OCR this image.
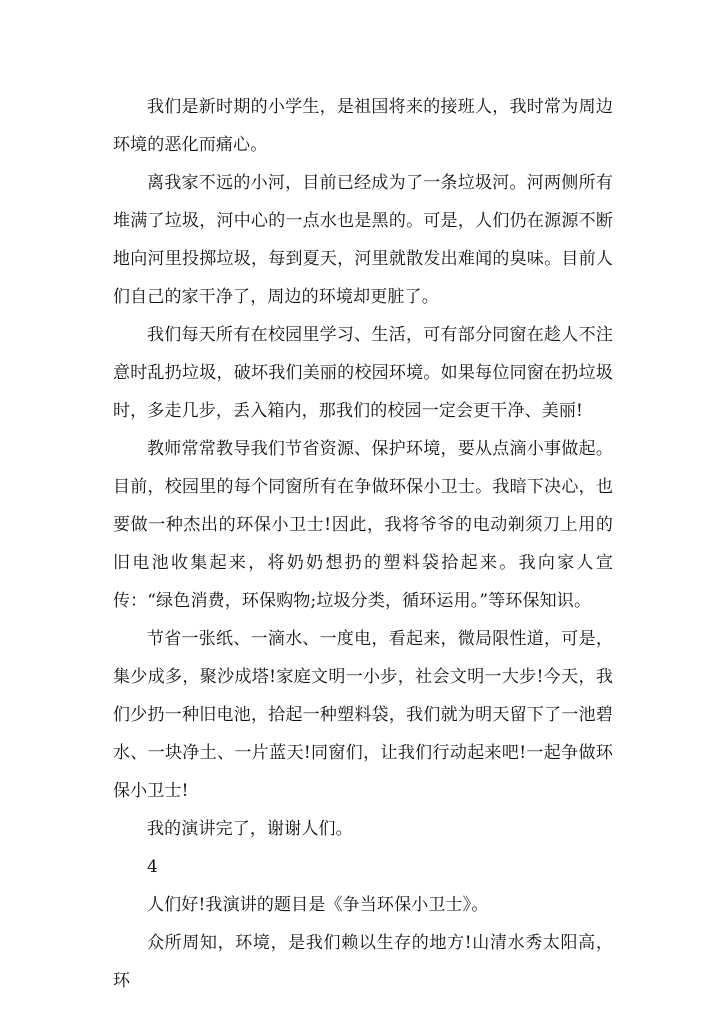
我们是新时期的小学生，是祖国将来的接班人，我时常为周边环境的恶化而痛心。

离我家不远的小河，目前已经成为了一条垃圾河。河两侧所有堆满了垃圾，河中心的一点水也是黑的。可是，人们仍在源源不断地向河里投掷垃圾，每到夏天，河里就散发出难闻的臭味。目前人们自己的家干净了，周边的环境却更脏了。

我们每天所有在校园里学习、生活，可有部分同窗在趁人不注意时乱扔垃圾，破坏我们美丽的校园环境。如果每位同窗在扔垃圾时，多走几步，丢入箱内，那我们的校园一定会更干净、美丽!

教师常常教导我们节省资源、保护环境，要从点滴小事做起。目前，校园里的每个同窗所有在争做环保小卫士。我暗下决心，也要做一种杰出的环保小卫士!因此，我将爷爷的电动剃须刀上用的旧电池收集起来，将奶奶想扔的塑料袋拾起来。我向家人宣传：“绿色消费，环保购物;垃圾分类，循环运用。”等环保知识。

节省一张纸、一滴水、一度电，看起来，微局限性道，可是，集少成多，聚沙成塔!家庭文明一小步，社会文明一大步!今天，我们少扔一种旧电池，拾起一种塑料袋，我们就为明天留下了一池碧水、一块净土、一片蓝天!同窗们，让我们行动起来吧!一起争做环保小卫士!

我的演讲完了，谢谢人们。

4

人们好!我演讲的题目是《争当环保小卫士》。

众所周知，环境，是我们赖以生存的地方!山清水秀太阳高，环
